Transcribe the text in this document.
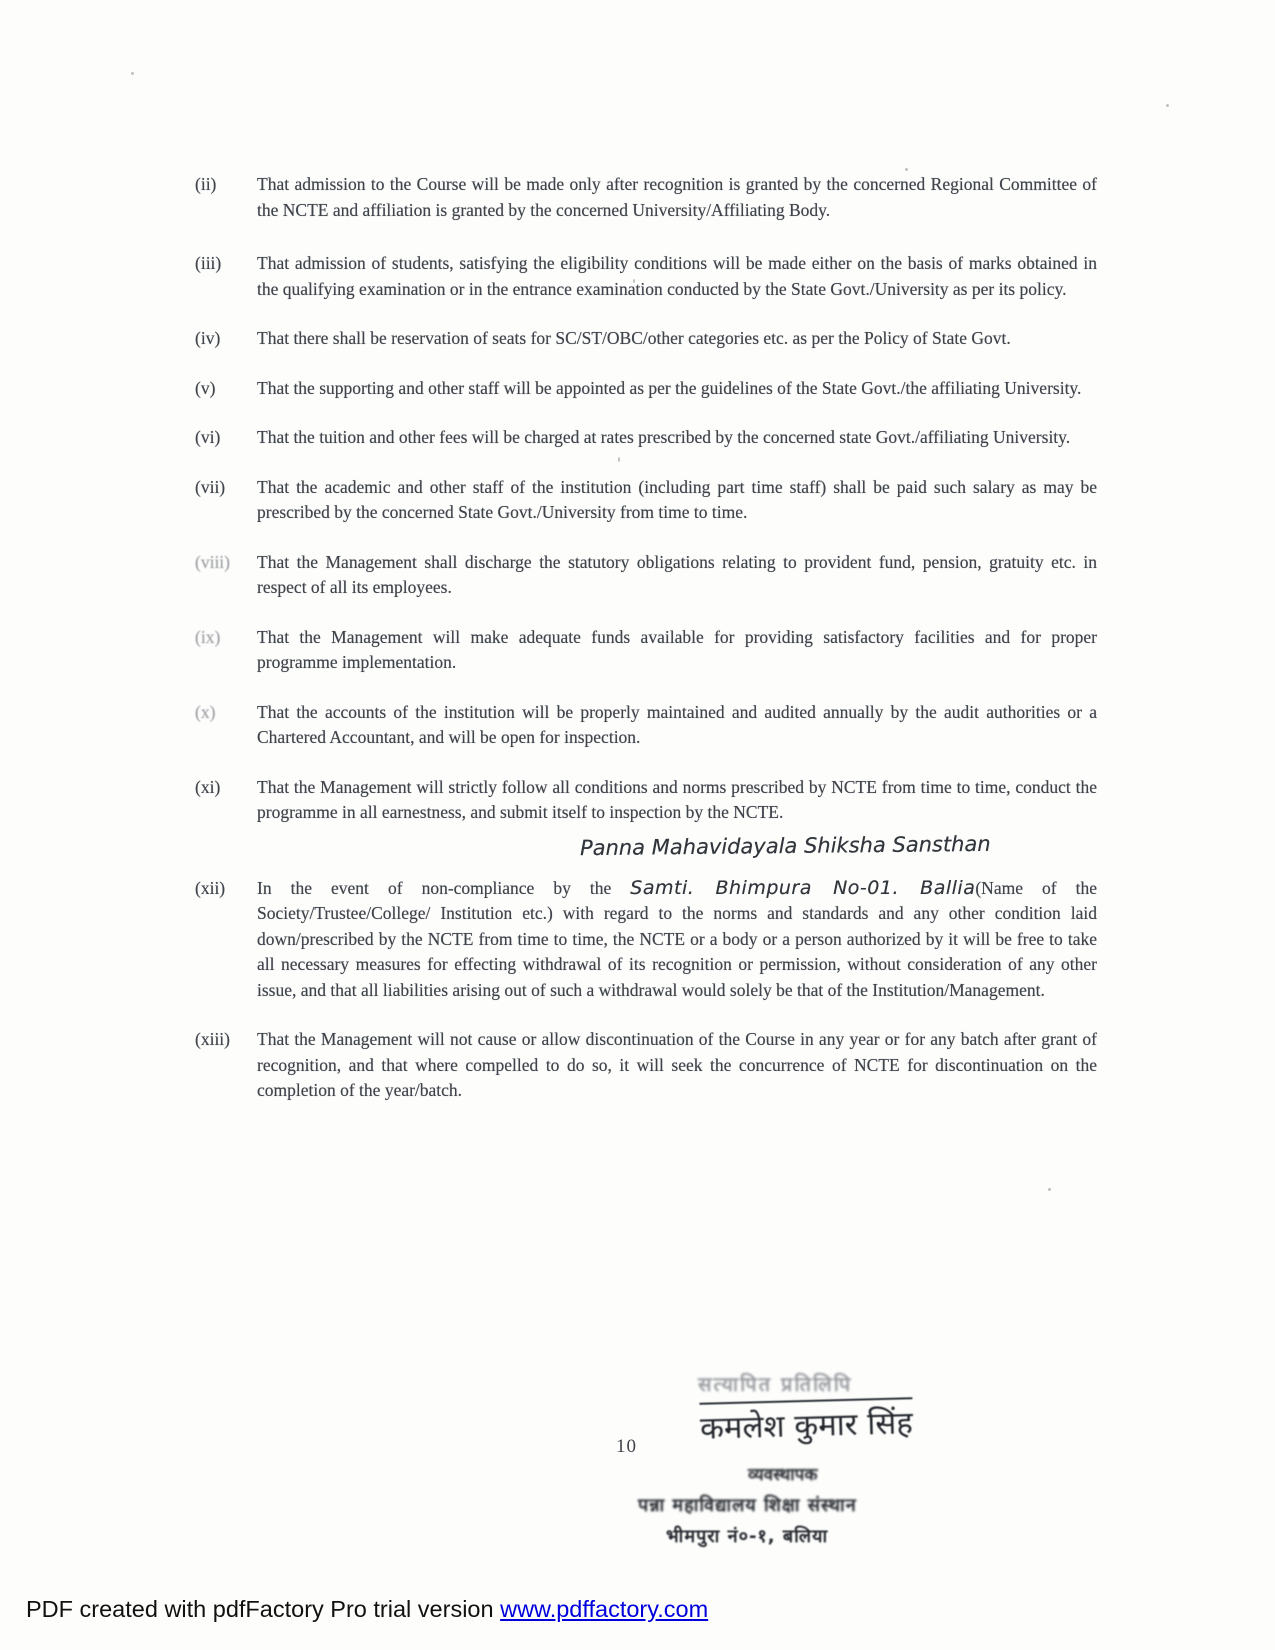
(ii)	That admission to the Course will be made only after recognition is granted by the concerned Regional Committee of the NCTE and affiliation is granted by the concerned University/Affiliating Body.

(iii)	That admission of students, satisfying the eligibility conditions will be made either on the basis of marks obtained in the qualifying examination or in the entrance examination conducted by the State Govt./University as per its policy.

(iv)	That there shall be reservation of seats for SC/ST/OBC/other categories etc. as per the Policy of State Govt.

(v)	That the supporting and other staff will be appointed as per the guidelines of the State Govt./the affiliating University.

(vi)	That the tuition and other fees will be charged at rates prescribed by the concerned state Govt./affiliating University.

(vii)	That the academic and other staff of the institution (including part time staff) shall be paid such salary as may be prescribed by the concerned State Govt./University from time to time.

(viii)	That the Management shall discharge the statutory obligations relating to provident fund, pension, gratuity etc. in respect of all its employees.

(ix)	That the Management will make adequate funds available for providing satisfactory facilities and for proper programme implementation.

(x)	That the accounts of the institution will be properly maintained and audited annually by the audit authorities or a Chartered Accountant, and will be open for inspection.

(xi)	That the Management will strictly follow all conditions and norms prescribed by NCTE from time to time, conduct the programme in all earnestness, and submit itself to inspection by the NCTE.

Panna Mahavidayala Shiksha Sansthan
(xii)	In the event of non-compliance by the Samti. Bhimpura No-01. Ballia(Name of the Society/Trustee/College/ Institution etc.) with regard to the norms and standards and any other condition laid down/prescribed by the NCTE from time to time, the NCTE or a body or a person authorized by it will be free to take all necessary measures for effecting withdrawal of its recognition or permission, without consideration of any other issue, and that all liabilities arising out of such a withdrawal would solely be that of the Institution/Management.

(xiii)	That the Management will not cause or allow discontinuation of the Course in any year or for any batch after grant of recognition, and that where compelled to do so, it will seek the concurrence of NCTE for discontinuation on the completion of the year/batch.

सत्यापित प्रतिलिपि
कमलेश कुमार सिंह
व्यवस्थापक
पन्ना महाविद्यालय शिक्षा संस्थान
भीमपुरा नं०-१, बलिया
10
PDF created with pdfFactory Pro trial version www.pdffactory.com
